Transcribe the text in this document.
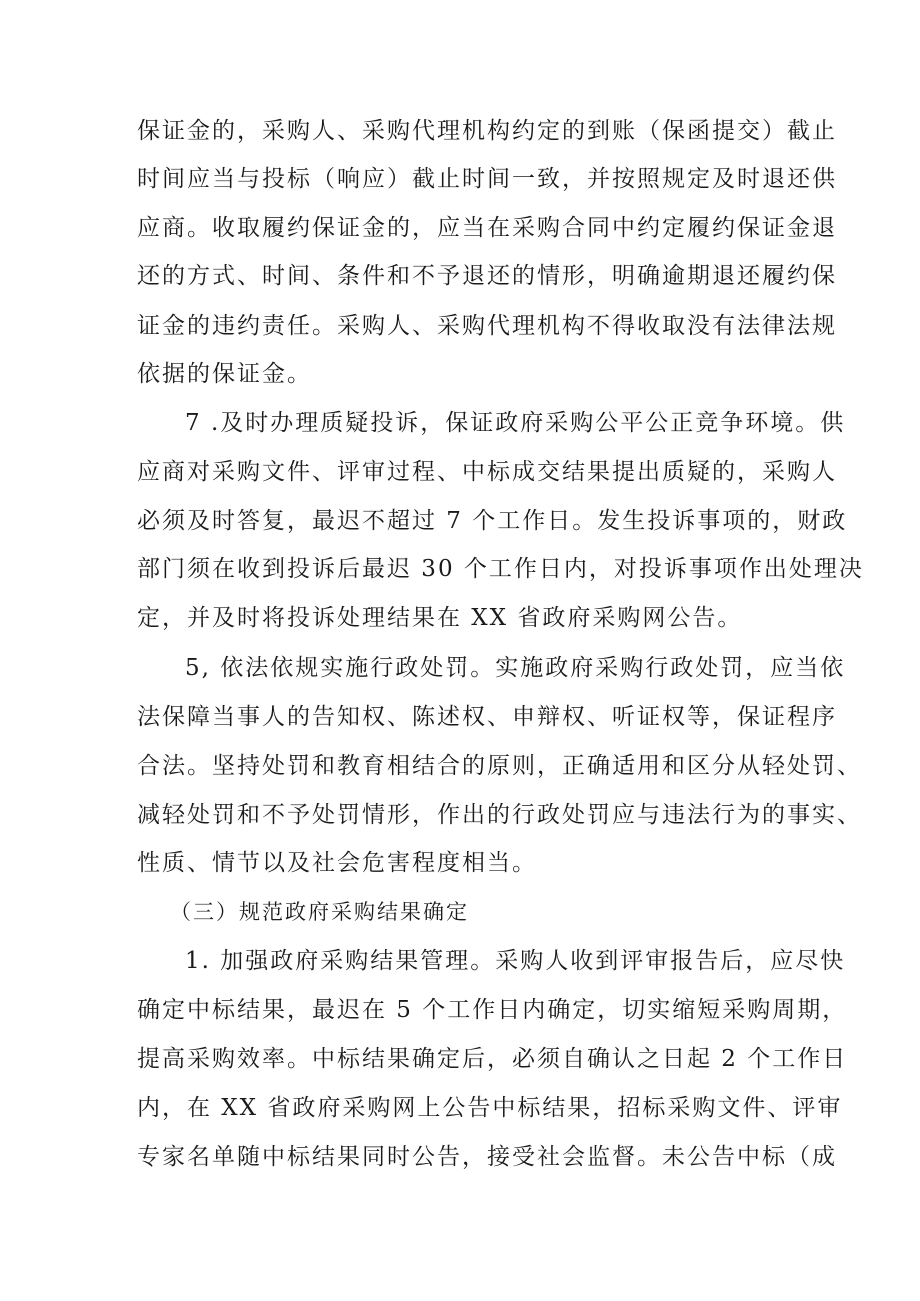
保证金的，采购人、采购代理机构约定的到账（保函提交）截止
时间应当与投标（响应）截止时间一致，并按照规定及时退还供
应商。收取履约保证金的，应当在采购合同中约定履约保证金退
还的方式、时间、条件和不予退还的情形，明确逾期退还履约保
证金的违约责任。采购人、采购代理机构不得收取没有法律法规
依据的保证金。
7 .及时办理质疑投诉，保证政府采购公平公正竞争环境。供
应商对采购文件、评审过程、中标成交结果提出质疑的，采购人
必须及时答复，最迟不超过 7 个工作日。发生投诉事项的，财政
部门须在收到投诉后最迟 30 个工作日内，对投诉事项作出处理决
定，并及时将投诉处理结果在 XX 省政府采购网公告。
5, 依法依规实施行政处罚。实施政府采购行政处罚，应当依
法保障当事人的告知权、陈述权、申辩权、听证权等，保证程序
合法。坚持处罚和教育相结合的原则，正确适用和区分从轻处罚、
减轻处罚和不予处罚情形，作出的行政处罚应与违法行为的事实、
性质、情节以及社会危害程度相当。
（三）规范政府采购结果确定
1. 加强政府采购结果管理。采购人收到评审报告后，应尽快
确定中标结果，最迟在 5 个工作日内确定，切实缩短采购周期，
提高采购效率。中标结果确定后，必须自确认之日起 2 个工作日
内，在 XX 省政府采购网上公告中标结果，招标采购文件、评审
专家名单随中标结果同时公告，接受社会监督。未公告中标（成
